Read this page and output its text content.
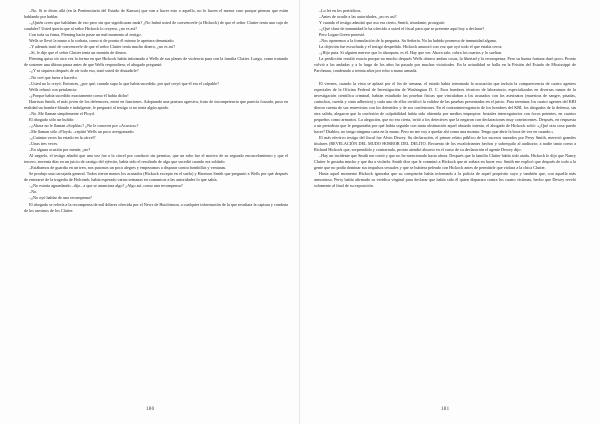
–No. Si te dicen allá (en la Penitenciaría del Estado de Kansas) que van a hacer esto o aquello, no lo hacen el menor caso porque piensas que están hablando por hablar.

–¿Quién crees que hablaban de eso pero sin que significaran nada? ¿No habrá usted de convencerle (a Hickock) de que el señor Clutter tenía una caja de caudales? Usted quería que al señor Hickock lo creyera, ¿no es así?

Con toda su firma, Fleming hacía pasar un mal momento al testigo.

Wells se llevó la mano a la corbata, como si de pronto él mismo le apretara demasiado.

–Y además trató de convencerle de que el señor Clutter tenía mucho dinero, ¿no es así?

–Sí, le dije que el señor Clutter tenía un montón de dinero.

Fleming quiso oír otra vez la forma en que Hickock había informado a Wells de sus planes de violencia para con la familia Clutter. Luego, como tratando de sostener una última pausa antes de que Wells respondiera, el abogado preguntó:

–¿Y ni siquiera después de oír todo eso, trató usted de disuadirle?

–No creí que fuera a hacerlo.

–Usted no lo creyó. Entonces, ¿por qué, cuando supo lo que había sucedido, por qué creyó que él era el culpable?

Wells rehusó con petulancia:

–¡Porque había sucedido exactamente como él había dicho!

Harrison Smith, el más joven de los defensores, entró en funciones. Adoptando una postura agresiva, fruto de incompetencia que parecía forzada, puso en realidad un hombre blando e indulgente, le preguntó al testigo si no tenía algún apodo.

–No. Me llaman simplemente el Floyd.

El abogado sólo un bufido:

–¿Ahora no le llaman «Soplón»? ¿No le conocen por «Acusica»?

–Me llaman sólo «Floyd» –repitió Wells un poco avergonzado.

–¿Cuántas veces ha estado en la cárcel?

–Unas tres veces.

–En alguna ocasión por mentir, ¿no?

Al negarlo, el testigo añadió que una vez fue a la cárcel por conducir sin permiso, que un robo fue el motivo de su segundo encarcelamiento y que el tercero, noventa días en un juicio de castigo del ejército, había sido el resultado de algo que sucedió cuando era soldado.

–Estábamos de guardia en un tren, nos pusimos un poco alegres y empezamos a disparar contra bombillas y ventanas.

Se produjo una carcajada general. Todos rieron menos los acusados (Hickock excepto en el suelo) y Harrison Smith que preguntó a Wells por qué después de enterarse de la tragedia de Holcomb, había esperado varias semanas en comunicar a las autoridades lo que sabía.

–¿No estaría aguardando –dijo– a que se anunciara algo? ¿Algo así, como una recompensa?

–No.

–¿No oyó hablar de una recompensa?

El abogado se refería a la recompensa de mil dólares ofrecida por el News de Hutchinson, a cualquier información de la que resultara la captura y condena de los asesinos de los Clutter.

180

–Lo leí en los periódicos.

–Antes de acudir a las autoridades, ¿no es así?

Y cuando el testigo admitió que aso era cierto, Smith, triunfante, prosiguió:

–¿Qué clase de inmunidad le ha ofrecido a usted el fiscal para que se presente aquí hoy a declarar?

Pero Logan Green protestó.

–Nos oponemos a la formulación de la pregunta. Su Señoría. No ha habido promesa de inmunidad alguna.

La objeción fue escuchada y el testigo despedido. Hickock anunció con voz que oyó todo el que estaba cerca:

–¡Hijo puta. Si alguien merece que lo ahorquen, es él. Hay que ver. Ahora sale, cobra los cuartos y lo sueltan.

La predicción resultó exacta porque no mucho después Wells obtuvo ambas cosas, la libertad y la recompensa. Pero su buena fortuna duró poco. Pronto volvió a las andadas y a lo largo de los años ha pasado por muchas vicisitudes. En la actualidad se halla en la Prisión del Estado de Mississippi de Parchman, condenado a treinta años por robo a mano armada.

El viernes, cuando la vista se aplazó por el fin de semana, el estado había terminado la acusación que incluía la comparecencia de cuatro agentes especiales de la Oficina Federal de Investigación de Washington D. C. Esos hombres técnicos de laboratorio, especializados en diversas ramas de la investigación científica criminal, habían estudiado las pruebas físicas que vinculaban a los acusados con los asesinatos (muestras de sangre, pisadas, cartuchos, cuerda y cinta adhesiva) y cada uno de ellos certificó la validez de las pruebas presentadas en el juicio. Para terminar, los cuatro agentes del KBI dieron cuenta de sus entrevistas con los detenidos y de sus confesiones. En el contrainterrogatorio de los hombres del KBI, los abogados de la defensa, sin otra salida, alegaron que la confesión de culpabilidad había sido obtenida por medios impropios: brutales interrogatorios con focos potentes, en cuartos pequeños como armarios. La alegación, que no era cierta, irritó a los detectives que la negaron con declaraciones muy convincentes. Después, en respuesta a un periodista que le preguntaba por qué había seguido con tanta obstinación aquel absurdo intento, el abogado de Hickock soltó: «¿Qué otra cosa puedo hacer? Diablos, no tengo ninguna carta en la mano. Pero no me voy a quedar ahí como una momia. Tengo que abrir la boca de vez en cuando.»

El más efectivo testigo del fiscal fue Alvin Dewey. Su declaración, el primer relato público de los sucesos narrados por Perry Smith, mereció grandes titulares (REVELACIÓN DEL MUDO HORROR DEL DELITO. Recuento de los escalofriantes hechos y sobrequilo al auditorio; a nadie tanto como a Richard Hickock que, sorprendido y contrariado, pronto atendió absorto en el curso de su declaración el agente Dewey dijo:

–Hay un incidente que Smith me contó y que no he mencionado hasta ahora. Después que la familia Clutter había sido atada, Hickock le dijo que Nancy Clutter le gustaba mucho y que iba a violarla. Smith dice que le conminó a Hickock que ni soñara en hacer eso. Smith me explicó que después de todo a la gente que no podía dominar sus impulsos sexuales y que se hubiera peleado con Hickock antes de permitirle que violara a la chica Clutter.

Hasta aquel momento Hickock ignoraba que su compinche había informado a la policía de aquel propósito suyo y también que, con aquella más armonioso, Perry había afirmado su verídica virginal para declarar que había sido él quien disparara contra los cuatro víctimas, hecho que Dewey reveló solamente al final de su exposición.

181
